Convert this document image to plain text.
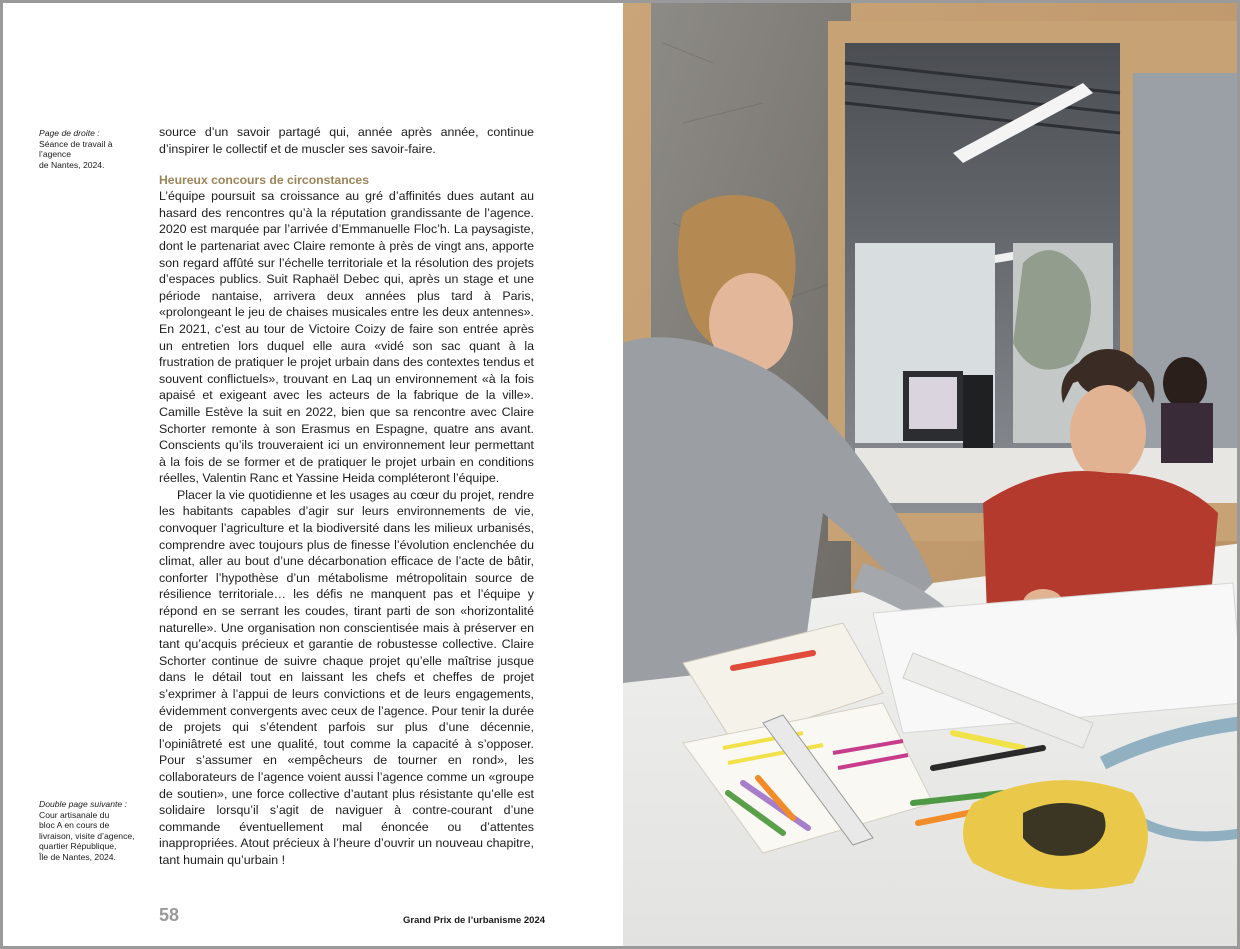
Page de droite :
Séance de travail à l’agence
de Nantes, 2024.
Double page suivante :
Cour artisanale du
bloc A en cours de
livraison, visite d’agence,
quartier République,
Île de Nantes, 2024.

source d’un savoir partagé qui, année après année, continue d’inspirer le collectif et de muscler ses savoir-faire.

Heureux concours de circonstances

L’équipe poursuit sa croissance au gré d’affinités dues autant au hasard des rencontres qu’à la réputation grandissante de l’agence. 2020 est marquée par l’arrivée d’Emmanuelle Floc’h. La paysagiste, dont le partenariat avec Claire remonte à près de vingt ans, apporte son regard affûté sur l’échelle territoriale et la résolution des projets d’espaces publics. Suit Raphaël Debec qui, après un stage et une période nantaise, arrivera deux années plus tard à Paris, «prolongeant le jeu de chaises musicales entre les deux antennes». En 2021, c’est au tour de Victoire Coizy de faire son entrée après un entretien lors duquel elle aura «vidé son sac quant à la frustration de pratiquer le projet urbain dans des contextes tendus et souvent conflictuels», trouvant en Laq un environnement «à la fois apaisé et exigeant avec les acteurs de la fabrique de la ville». Camille Estève la suit en 2022, bien que sa rencontre avec Claire Schorter remonte à son Erasmus en Espagne, quatre ans avant. Conscients qu’ils trouveraient ici un environnement leur permettant à la fois de se former et de pratiquer le projet urbain en conditions réelles, Valentin Ranc et Yassine Heida compléteront l’équipe.

Placer la vie quotidienne et les usages au cœur du projet, rendre les habitants capables d’agir sur leurs environnements de vie, convoquer l’agriculture et la biodiversité dans les milieux urbanisés, comprendre avec toujours plus de finesse l’évolution enclenchée du climat, aller au bout d’une décarbonation efficace de l’acte de bâtir, conforter l’hypothèse d’un métabolisme métropolitain source de résilience territoriale… les défis ne manquent pas et l’équipe y répond en se serrant les coudes, tirant parti de son «horizontalité naturelle». Une organisation non conscientisée mais à préserver en tant qu’acquis précieux et garantie de robustesse collective. Claire Schorter continue de suivre chaque projet qu’elle maîtrise jusque dans le détail tout en laissant les chefs et cheffes de projet s’exprimer à l’appui de leurs convictions et de leurs engagements, évidemment convergents avec ceux de l’agence. Pour tenir la durée de projets qui s’étendent parfois sur plus d’une décennie, l’opiniâtreté est une qualité, tout comme la capacité à s’opposer. Pour s’assumer en «empêcheurs de tourner en rond», les collaborateurs de l’agence voient aussi l’agence comme un «groupe de soutien», une force collective d’autant plus résistante qu’elle est solidaire lorsqu’il s’agit de naviguer à contre-courant d’une commande éventuellement mal énoncée ou d’attentes inappropriées. Atout précieux à l’heure d’ouvrir un nouveau chapitre, tant humain qu’urbain !

58	Grand Prix de l’urbanisme 2024
